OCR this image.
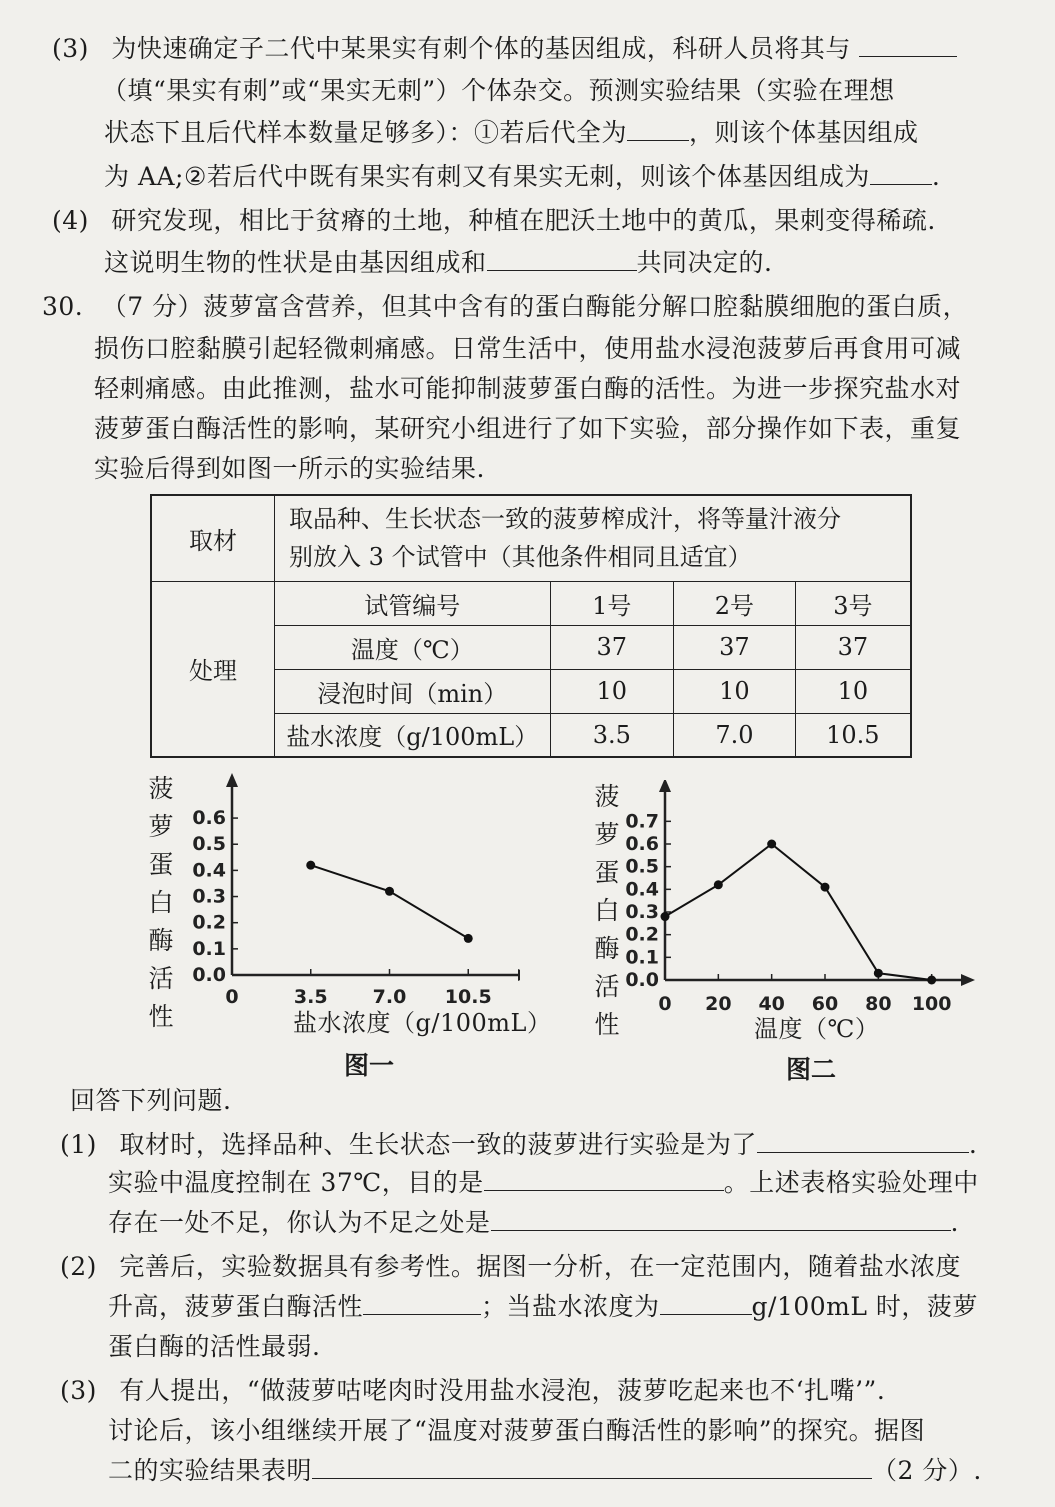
(3) 为快速确定子二代中某果实有刺个体的基因组成，科研人员将其与
（填“果实有刺”或“果实无刺”）个体杂交。预测实验结果（实验在理想
状态下且后代样本数量足够多）：①若后代全为 ，则该个体基因组成
为 AA;②若后代中既有果实有刺又有果实无刺，则该个体基因组成为 .
(4) 研究发现，相比于贫瘠的土地，种植在肥沃土地中的黄瓜，果刺变得稀疏.
这说明生物的性状是由基因组成和	共同决定的.
30. （7 分）菠萝富含营养，但其中含有的蛋白酶能分解口腔黏膜细胞的蛋白质，
损伤口腔黏膜引起轻微刺痛感。日常生活中，使用盐水浸泡菠萝后再食用可减
轻刺痛感。由此推测，盐水可能抑制菠萝蛋白酶的活性。为进一步探究盐水对
菠萝蛋白酶活性的影响，某研究小组进行了如下实验，部分操作如下表，重复
实验后得到如图一所示的实验结果.
取材	取品种、生长状态一致的菠萝榨成汁，将等量汁液分
别放入 3 个试管中（其他条件相同且适宜）			

处理	试管编号	1号	2号	3号
	温度（℃）	37	37	37
	浸泡时间（min）	10	10	10
	盐水浓度（g/100mL）	3.5	7.0	10.5
菠
萝
蛋
白
酶
活
性
0.0
0.1
0.2
0.3
0.4
0.5
0.6
0	3.5 7.0 10.5
盐水浓度（g/100mL）
图一
菠
萝
蛋
白
酶
活
性
0.0
0.1
0.2
0.3
0.4
0.5
0.6
0.7
0 20 40 60 80 100
温度（℃）
图二
回答下列问题.
(1) 取材时，选择品种、生长状态一致的菠萝进行实验是为了	.
实验中温度控制在 37℃，目的是	。上述表格实验处理中
存在一处不足，你认为不足之处是	.
(2) 完善后，实验数据具有参考性。据图一分析，在一定范围内，随着盐水浓度
升高，菠萝蛋白酶活性	；当盐水浓度为	g/100mL 时，菠萝
蛋白酶的活性最弱.
(3) 有人提出，“做菠萝咕咾肉时没用盐水浸泡，菠萝吃起来也不‘扎嘴’”.
讨论后，该小组继续开展了“温度对菠萝蛋白酶活性的影响”的探究。据图
二的实验结果表明	（2 分）.
